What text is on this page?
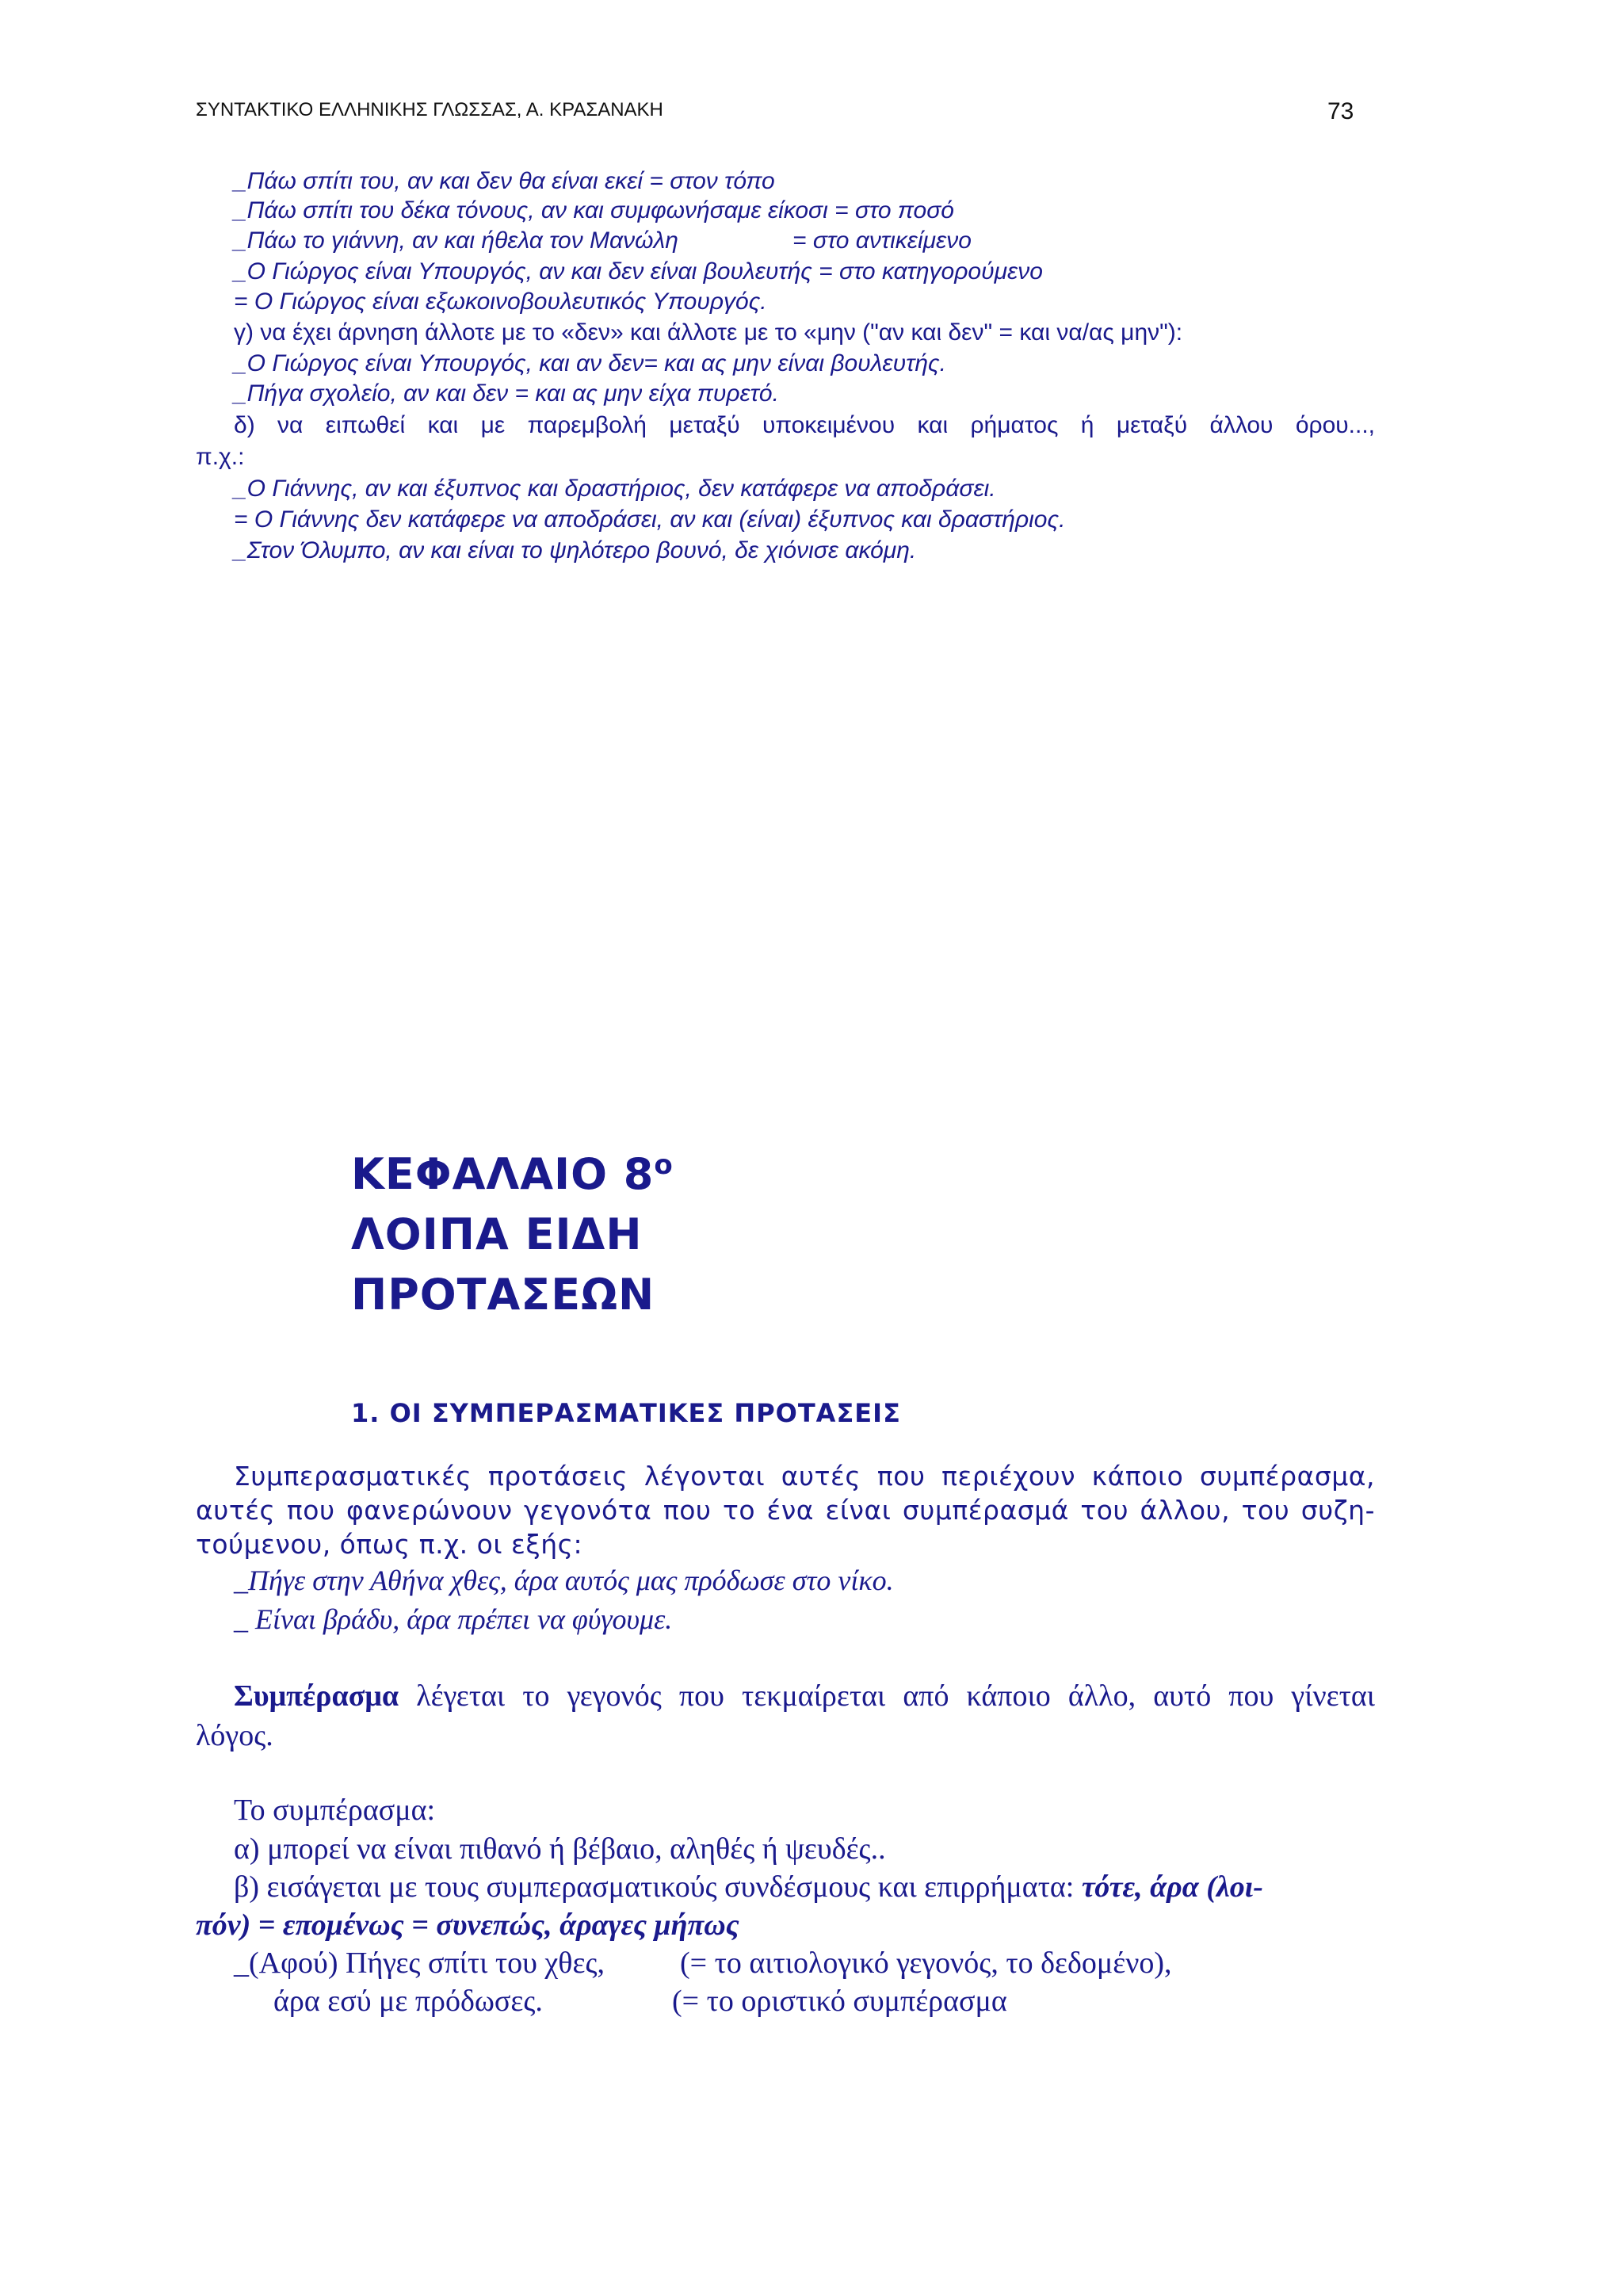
ΣΥΝΤΑΚΤΙΚΟ ΕΛΛΗΝΙΚΗΣ ΓΛΩΣΣΑΣ, Α. ΚΡΑΣΑΝΑΚΗ	73
_Πάω σπίτι του, αν και δεν θα είναι εκεί = στον τόπο
_Πάω σπίτι του δέκα τόνους, αν και συμφωνήσαμε είκοσι = στο ποσό
_Πάω το γιάννη, αν και ήθελα τον Μανώλη	= στο αντικείμενο
_Ο Γιώργος είναι Υπουργός, αν και δεν είναι βουλευτής = στο κατηγορούμενο
= Ο Γιώργος είναι εξωκοινοβουλευτικός Υπουργός.
γ) να έχει άρνηση άλλοτε με το «δεν» και άλλοτε με το «μην ("αν και δεν" = και να/ας μην"):
_Ο Γιώργος είναι Υπουργός, και αν δεν= και ας μην είναι βουλευτής.
_Πήγα σχολείο, αν και δεν = και ας μην είχα πυρετό.
δ) να ειπωθεί και με παρεμβολή μεταξύ υποκειμένου και ρήματος ή μεταξύ άλλου όρου...,
π.χ.:
_Ο Γιάννης, αν και έξυπνος και δραστήριος, δεν κατάφερε να αποδράσει.
= Ο Γιάννης δεν κατάφερε να αποδράσει, αν και (είναι) έξυπνος και δραστήριος.
_Στον Όλυμπο, αν και είναι το ψηλότερο βουνό, δε χιόνισε ακόμη.
ΚΕΦΑΛΑΙΟ $8^o$
ΛΟΙΠΑ ΕΙΔΗ
ΠΡΟΤΑΣΕΩΝ
1. ΟΙ ΣΥΜΠΕΡΑΣΜΑΤΙΚΕΣ ΠΡΟΤΑΣΕΙΣ
Συμπερασματικές προτάσεις λέγονται αυτές που περιέχουν κάποιο συμπέρασμα,
αυτές που φανερώνουν γεγονότα που το ένα είναι συμπέρασμά του άλλου, του συζη-
τούμενου, όπως π.χ. οι εξής:
_Πήγε στην Αθήνα χθες, άρα αυτός μας πρόδωσε στο νίκο.
_ Είναι βράδυ, άρα πρέπει να φύγουμε.
Συμπέρασμα λέγεται το γεγονός που τεκμαίρεται από κάποιο άλλο, αυτό που γίνεται
λόγος.
Το συμπέρασμα:
α) μπορεί να είναι πιθανό ή βέβαιο, αληθές ή ψευδές..
β) εισάγεται με τους συμπερασματικούς συνδέσμους και επιρρήματα: τότε, άρα (λοι-
πόν) = επομένως = συνεπώς, άραγες μήπως
_(Αφού) Πήγες σπίτι του χθες, (= το αιτιολογικό γεγονός, το δεδομένο),
άρα εσύ με πρόδωσες.	(= το οριστικό συμπέρασμα
